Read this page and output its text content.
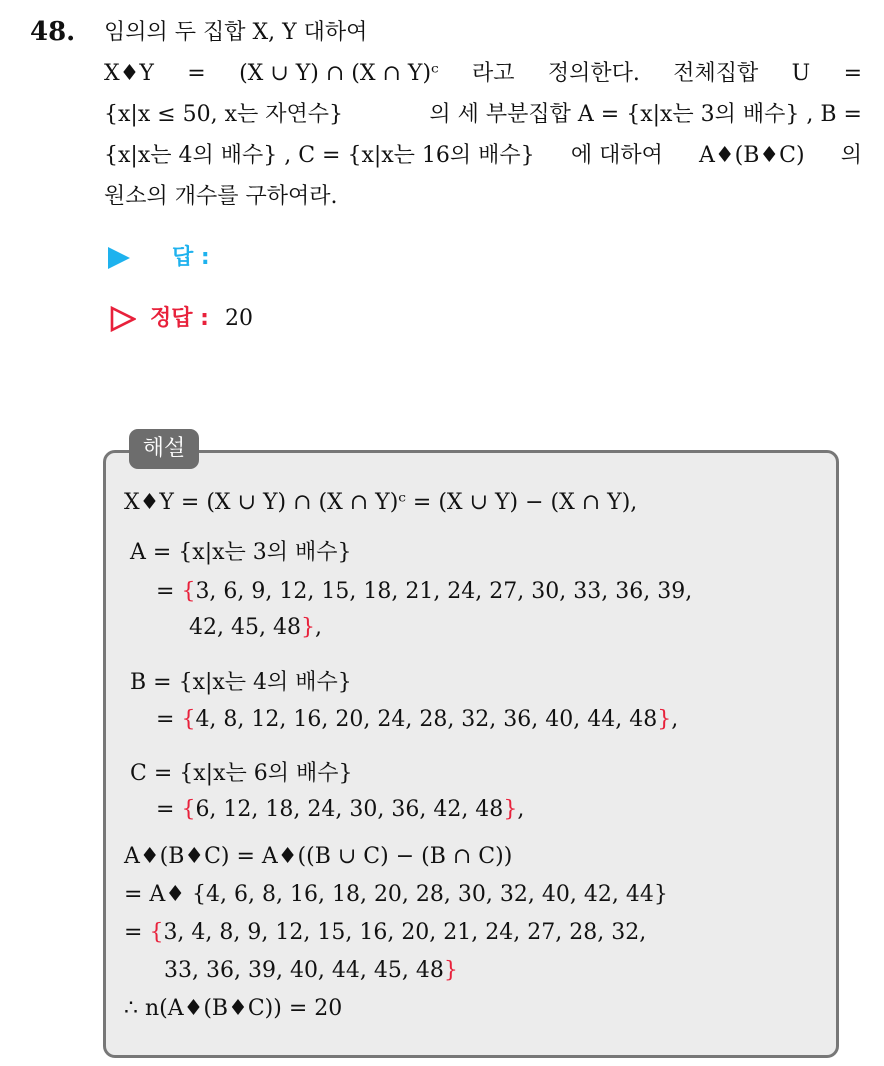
48. 임의의 두 집합 X, Y 대하여
X♦Y = (X ∪ Y) ∩ (X ∩ Y)ᶜ 라고 정의한다. 전체집합 U =
{x|x ≤ 50, x는 자연수}	의 세 부분집합 A = {x|x는 3의 배수} , B =
{x|x는 4의 배수} , C = {x|x는 16의 배수} 에 대하여 A♦(B♦C) 의
원소의 개수를 구하여라.
답 :
정답 : 20
해설
X♦Y = (X ∪ Y) ∩ (X ∩ Y)ᶜ = (X ∪ Y) − (X ∩ Y),
A = {x|x는 3의 배수}
= {3, 6, 9, 12, 15, 18, 21, 24, 27, 30, 33, 36, 39,
42, 45, 48},
B = {x|x는 4의 배수}
= {4, 8, 12, 16, 20, 24, 28, 32, 36, 40, 44, 48},
C = {x|x는 6의 배수}
= {6, 12, 18, 24, 30, 36, 42, 48},
A♦(B♦C) = A♦((B ∪ C) − (B ∩ C))
= A♦ {4, 6, 8, 16, 18, 20, 28, 30, 32, 40, 42, 44}
= {3, 4, 8, 9, 12, 15, 16, 20, 21, 24, 27, 28, 32,
33, 36, 39, 40, 44, 45, 48}
∴ n(A♦(B♦C)) = 20
